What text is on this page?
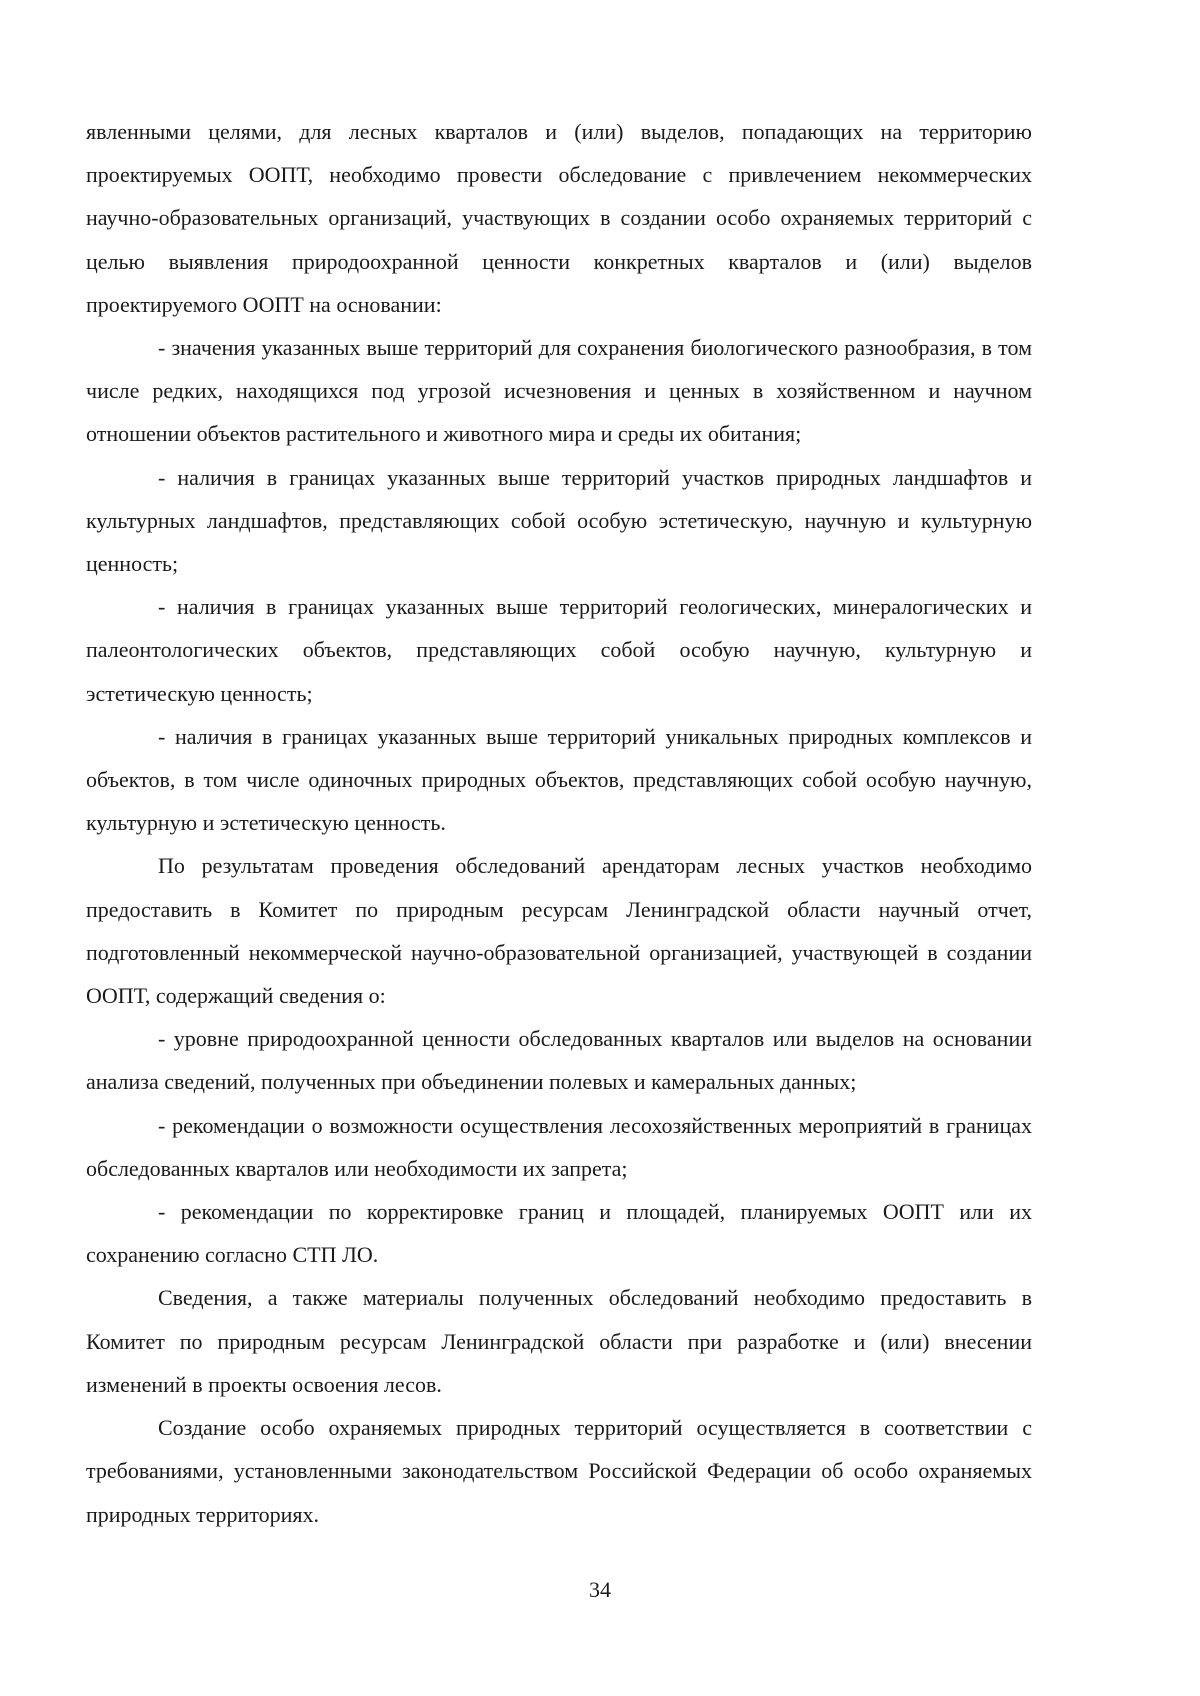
явленными целями, для лесных кварталов и (или) выделов, попадающих на территорию проектируемых ООПТ, необходимо провести обследование с привлечением некоммерческих научно-образовательных организаций, участвующих в создании особо охраняемых территорий с целью выявления природоохранной ценности конкретных кварталов и (или) выделов проектируемого ООПТ на основании:

- значения указанных выше территорий для сохранения биологического разнообразия, в том числе редких, находящихся под угрозой исчезновения и ценных в хозяйственном и научном отношении объектов растительного и животного мира и среды их обитания;

- наличия в границах указанных выше территорий участков природных ландшафтов и культурных ландшафтов, представляющих собой особую эстетическую, научную и культурную ценность;

- наличия в границах указанных выше территорий геологических, минералогических и палеонтологических объектов, представляющих собой особую научную, культурную и эстетическую ценность;

- наличия в границах указанных выше территорий уникальных природных комплексов и объектов, в том числе одиночных природных объектов, представляющих собой особую научную, культурную и эстетическую ценность.

По результатам проведения обследований арендаторам лесных участков необходимо предоставить в Комитет по природным ресурсам Ленинградской области научный отчет, подготовленный некоммерческой научно-образовательной организацией, участвующей в создании ООПТ, содержащий сведения о:

- уровне природоохранной ценности обследованных кварталов или выделов на основании анализа сведений, полученных при объединении полевых и камеральных данных;

- рекомендации о возможности осуществления лесохозяйственных мероприятий в границах обследованных кварталов или необходимости их запрета;

- рекомендации по корректировке границ и площадей, планируемых ООПТ или их сохранению согласно СТП ЛО.

Сведения, а также материалы полученных обследований необходимо предоставить в Комитет по природным ресурсам Ленинградской области при разработке и (или) внесении изменений в проекты освоения лесов.

Создание особо охраняемых природных территорий осуществляется в соответствии с требованиями, установленными законодательством Российской Федерации об особо охраняемых природных территориях.

34
